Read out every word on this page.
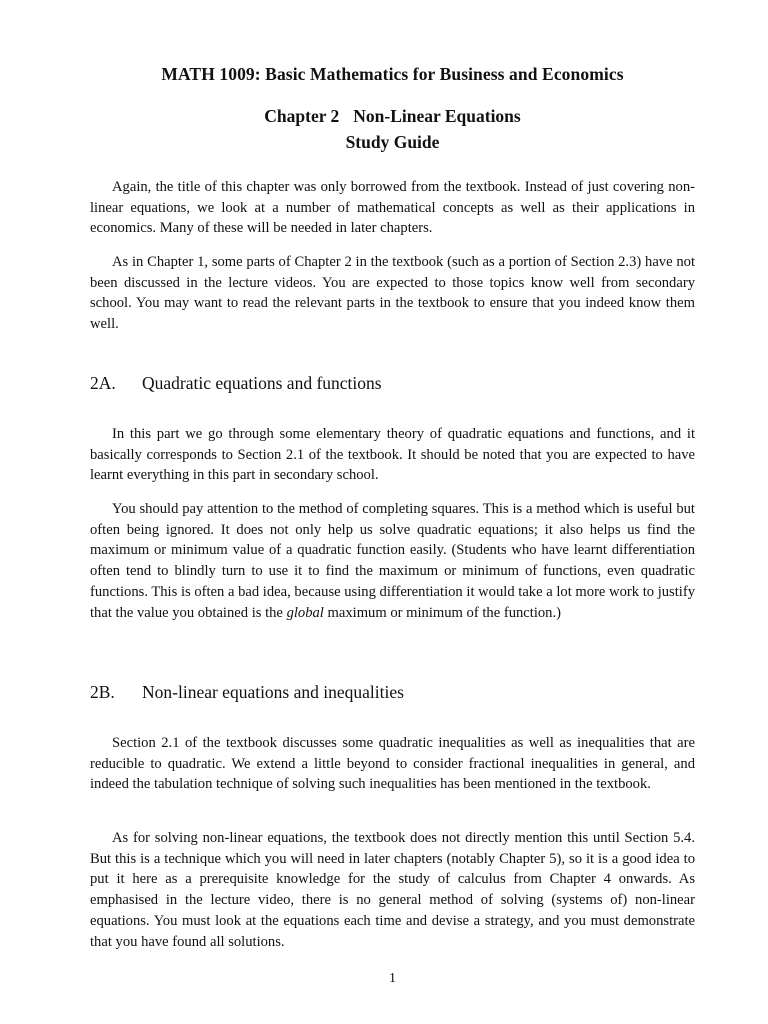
MATH 1009: Basic Mathematics for Business and Economics
Chapter 2 Non-Linear Equations
Study Guide

Again, the title of this chapter was only borrowed from the textbook. Instead of just covering non-linear equations, we look at a number of mathematical concepts as well as their applications in economics. Many of these will be needed in later chapters.

As in Chapter 1, some parts of Chapter 2 in the textbook (such as a portion of Section 2.3) have not been discussed in the lecture videos. You are expected to those topics know well from secondary school. You may want to read the relevant parts in the textbook to ensure that you indeed know them well.

2A. Quadratic equations and functions

In this part we go through some elementary theory of quadratic equations and functions, and it basically corresponds to Section 2.1 of the textbook. It should be noted that you are expected to have learnt everything in this part in secondary school.

You should pay attention to the method of completing squares. This is a method which is useful but often being ignored. It does not only help us solve quadratic equations; it also helps us find the maximum or minimum value of a quadratic function easily. (Students who have learnt differentiation often tend to blindly turn to use it to find the maximum or minimum of functions, even quadratic functions. This is often a bad idea, because using differentiation it would take a lot more work to justify that the value you obtained is the global maximum or minimum of the function.)

2B. Non-linear equations and inequalities

Section 2.1 of the textbook discusses some quadratic inequalities as well as inequalities that are reducible to quadratic. We extend a little beyond to consider fractional inequalities in general, and indeed the tabulation technique of solving such inequalities has been mentioned in the textbook.

As for solving non-linear equations, the textbook does not directly mention this until Section 5.4. But this is a technique which you will need in later chapters (notably Chapter 5), so it is a good idea to put it here as a prerequisite knowledge for the study of calculus from Chapter 4 onwards. As emphasised in the lecture video, there is no general method of solving (systems of) non-linear equations. You must look at the equations each time and devise a strategy, and you must demonstrate that you have found all solutions.

1
